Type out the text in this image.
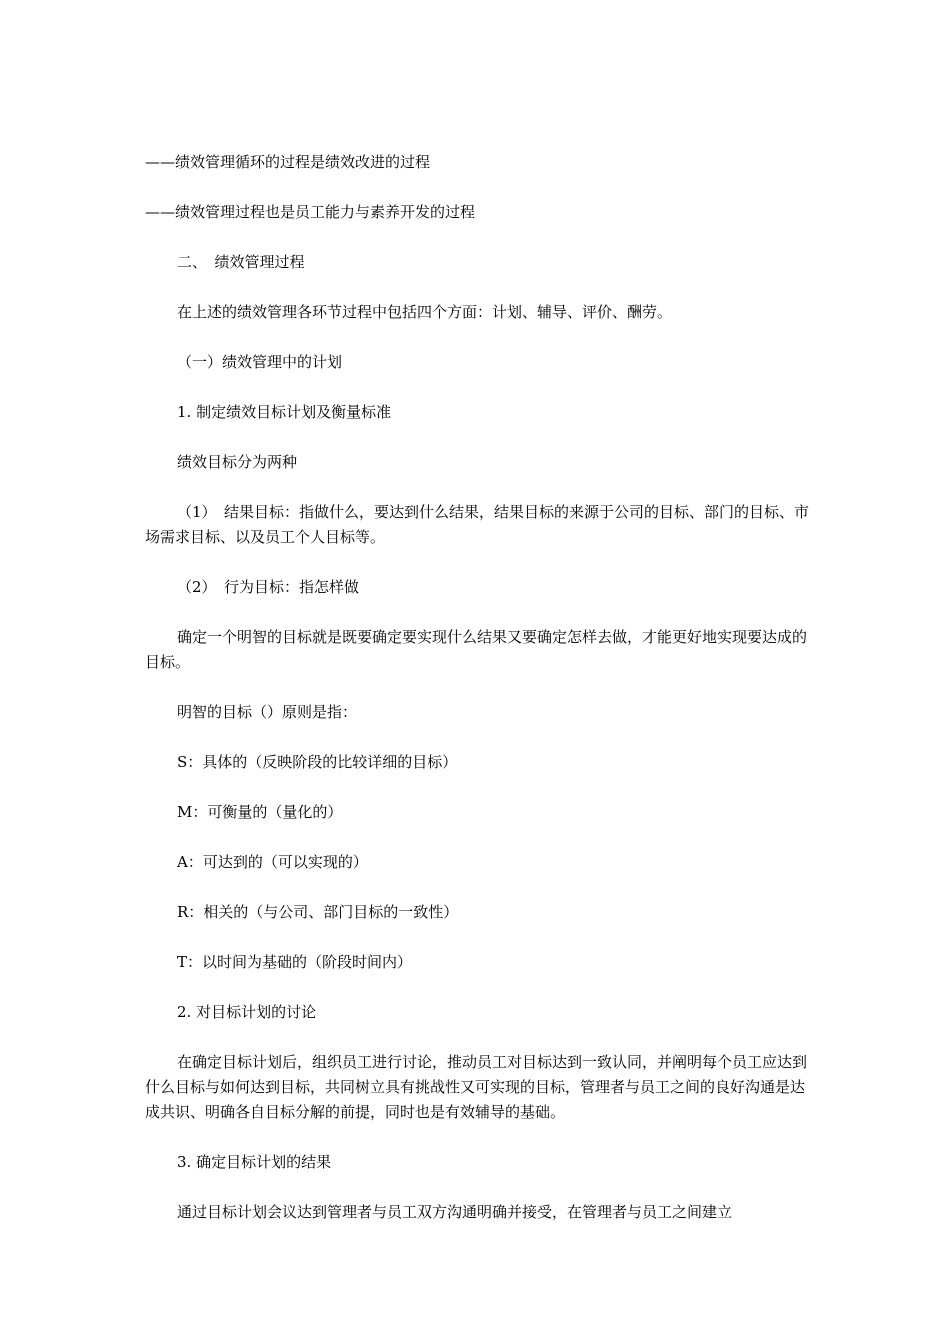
——绩效管理循环的过程是绩效改进的过程

——绩效管理过程也是员工能力与素养开发的过程

二、　绩效管理过程

在上述的绩效管理各环节过程中包括四个方面：计划、辅导、评价、酬劳。

（一）绩效管理中的计划

1. 制定绩效目标计划及衡量标准

绩效目标分为两种

（1）　结果目标：指做什么，要达到什么结果，结果目标的来源于公司的目标、部门的目标、市场需求目标、以及员工个人目标等。

（2）　行为目标：指怎样做

确定一个明智的目标就是既要确定要实现什么结果又要确定怎样去做，才能更好地实现要达成的目标。

明智的目标（）原则是指：

S：具体的（反映阶段的比较详细的目标）

M：可衡量的（量化的）

A：可达到的（可以实现的）

R：相关的（与公司、部门目标的一致性）

T：以时间为基础的（阶段时间内）

2. 对目标计划的讨论

在确定目标计划后，组织员工进行讨论，推动员工对目标达到一致认同，并阐明每个员工应达到什么目标与如何达到目标，共同树立具有挑战性又可实现的目标，管理者与员工之间的良好沟通是达成共识、明确各自目标分解的前提，同时也是有效辅导的基础。

3. 确定目标计划的结果

通过目标计划会议达到管理者与员工双方沟通明确并接受，在管理者与员工之间建立
